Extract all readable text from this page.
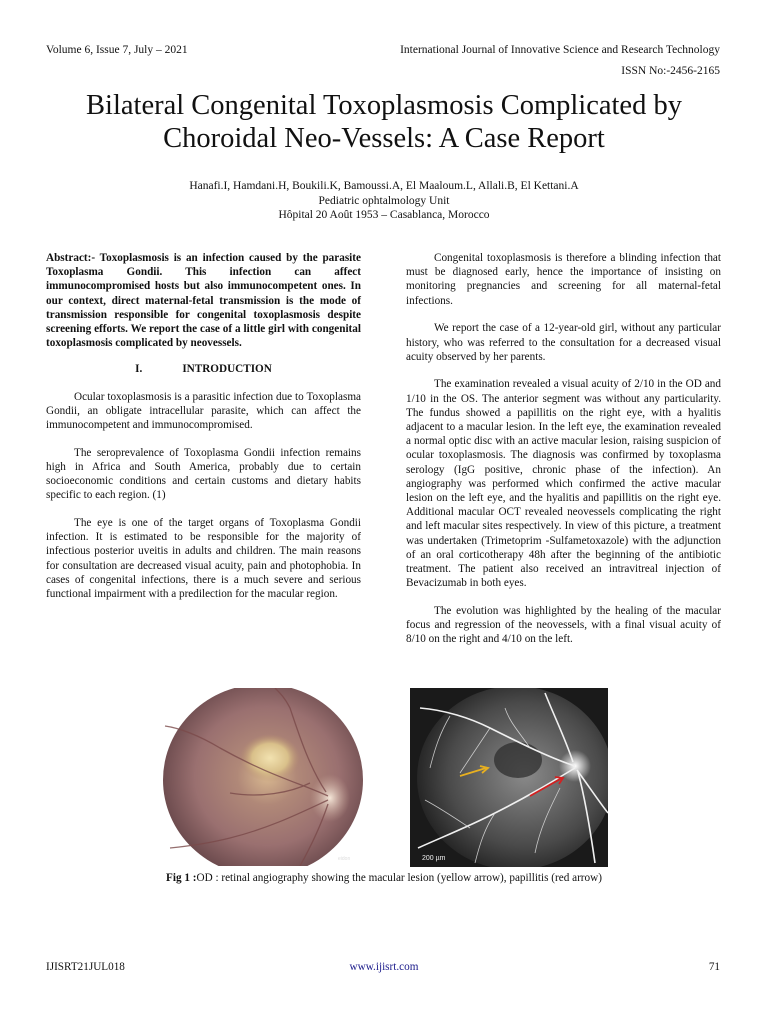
Volume 6, Issue 7, July – 2021	International Journal of Innovative Science and Research Technology
ISSN No:-2456-2165
Bilateral Congenital Toxoplasmosis Complicated by
Choroidal Neo-Vessels: A Case Report
Hanafi.I, Hamdani.H, Boukili.K, Bamoussi.A, El Maaloum.L, Allali.B, El Kettani.A
Pediatric ophtalmology Unit
Hôpital 20 Août 1953 – Casablanca, Morocco

Abstract:- Toxoplasmosis is an infection caused by the parasite Toxoplasma Gondii. This infection can affect immunocompromised hosts but also immunocompetent ones. In our context, direct maternal-fetal transmission is the mode of transmission responsible for congenital toxoplasmosis despite screening efforts. We report the case of a little girl with congenital toxoplasmosis complicated by neovessels.

I.	INTRODUCTION

Ocular toxoplasmosis is a parasitic infection due to Toxoplasma Gondii, an obligate intracellular parasite, which can affect the immunocompetent and immunocompromised.

The seroprevalence of Toxoplasma Gondii infection remains high in Africa and South America, probably due to certain socioeconomic conditions and certain customs and dietary habits specific to each region. (1)

The eye is one of the target organs of Toxoplasma Gondii infection. It is estimated to be responsible for the majority of infectious posterior uveitis in adults and children. The main reasons for consultation are decreased visual acuity, pain and photophobia. In cases of congenital infections, there is a much severe and serious functional impairment with a predilection for the macular region.

Congenital toxoplasmosis is therefore a blinding infection that must be diagnosed early, hence the importance of insisting on monitoring pregnancies and screening for all maternal-fetal infections.

We report the case of a 12-year-old girl, without any particular history, who was referred to the consultation for a decreased visual acuity observed by her parents.

The examination revealed a visual acuity of 2/10 in the OD and 1/10 in the OS. The anterior segment was without any particularity. The fundus showed a papillitis on the right eye, with a hyalitis adjacent to a macular lesion. In the left eye, the examination revealed a normal optic disc with an active macular lesion, raising suspicion of ocular toxoplasmosis. The diagnosis was confirmed by toxoplasma serology (IgG positive, chronic phase of the infection). An angiography was performed which confirmed the active macular lesion on the left eye, and the hyalitis and papillitis on the right eye. Additional macular OCT revealed neovessels complicating the right and left macular sites respectively. In view of this picture, a treatment was undertaken (Trimetoprim -Sulfametoxazole) with the adjunction of an oral corticotherapy 48h after the beginning of the antibiotic treatment. The patient also received an intravitreal injection of Bevacizumab in both eyes.

The evolution was highlighted by the healing of the macular focus and regression of the neovessels, with a final visual acuity of 8/10 on the right and 4/10 on the left.

eidon	200 µm
Fig 1 :OD : retinal angiography showing the macular lesion (yellow arrow), papillitis (red arrow)
IJISRT21JUL018	www.ijisrt.com	71
